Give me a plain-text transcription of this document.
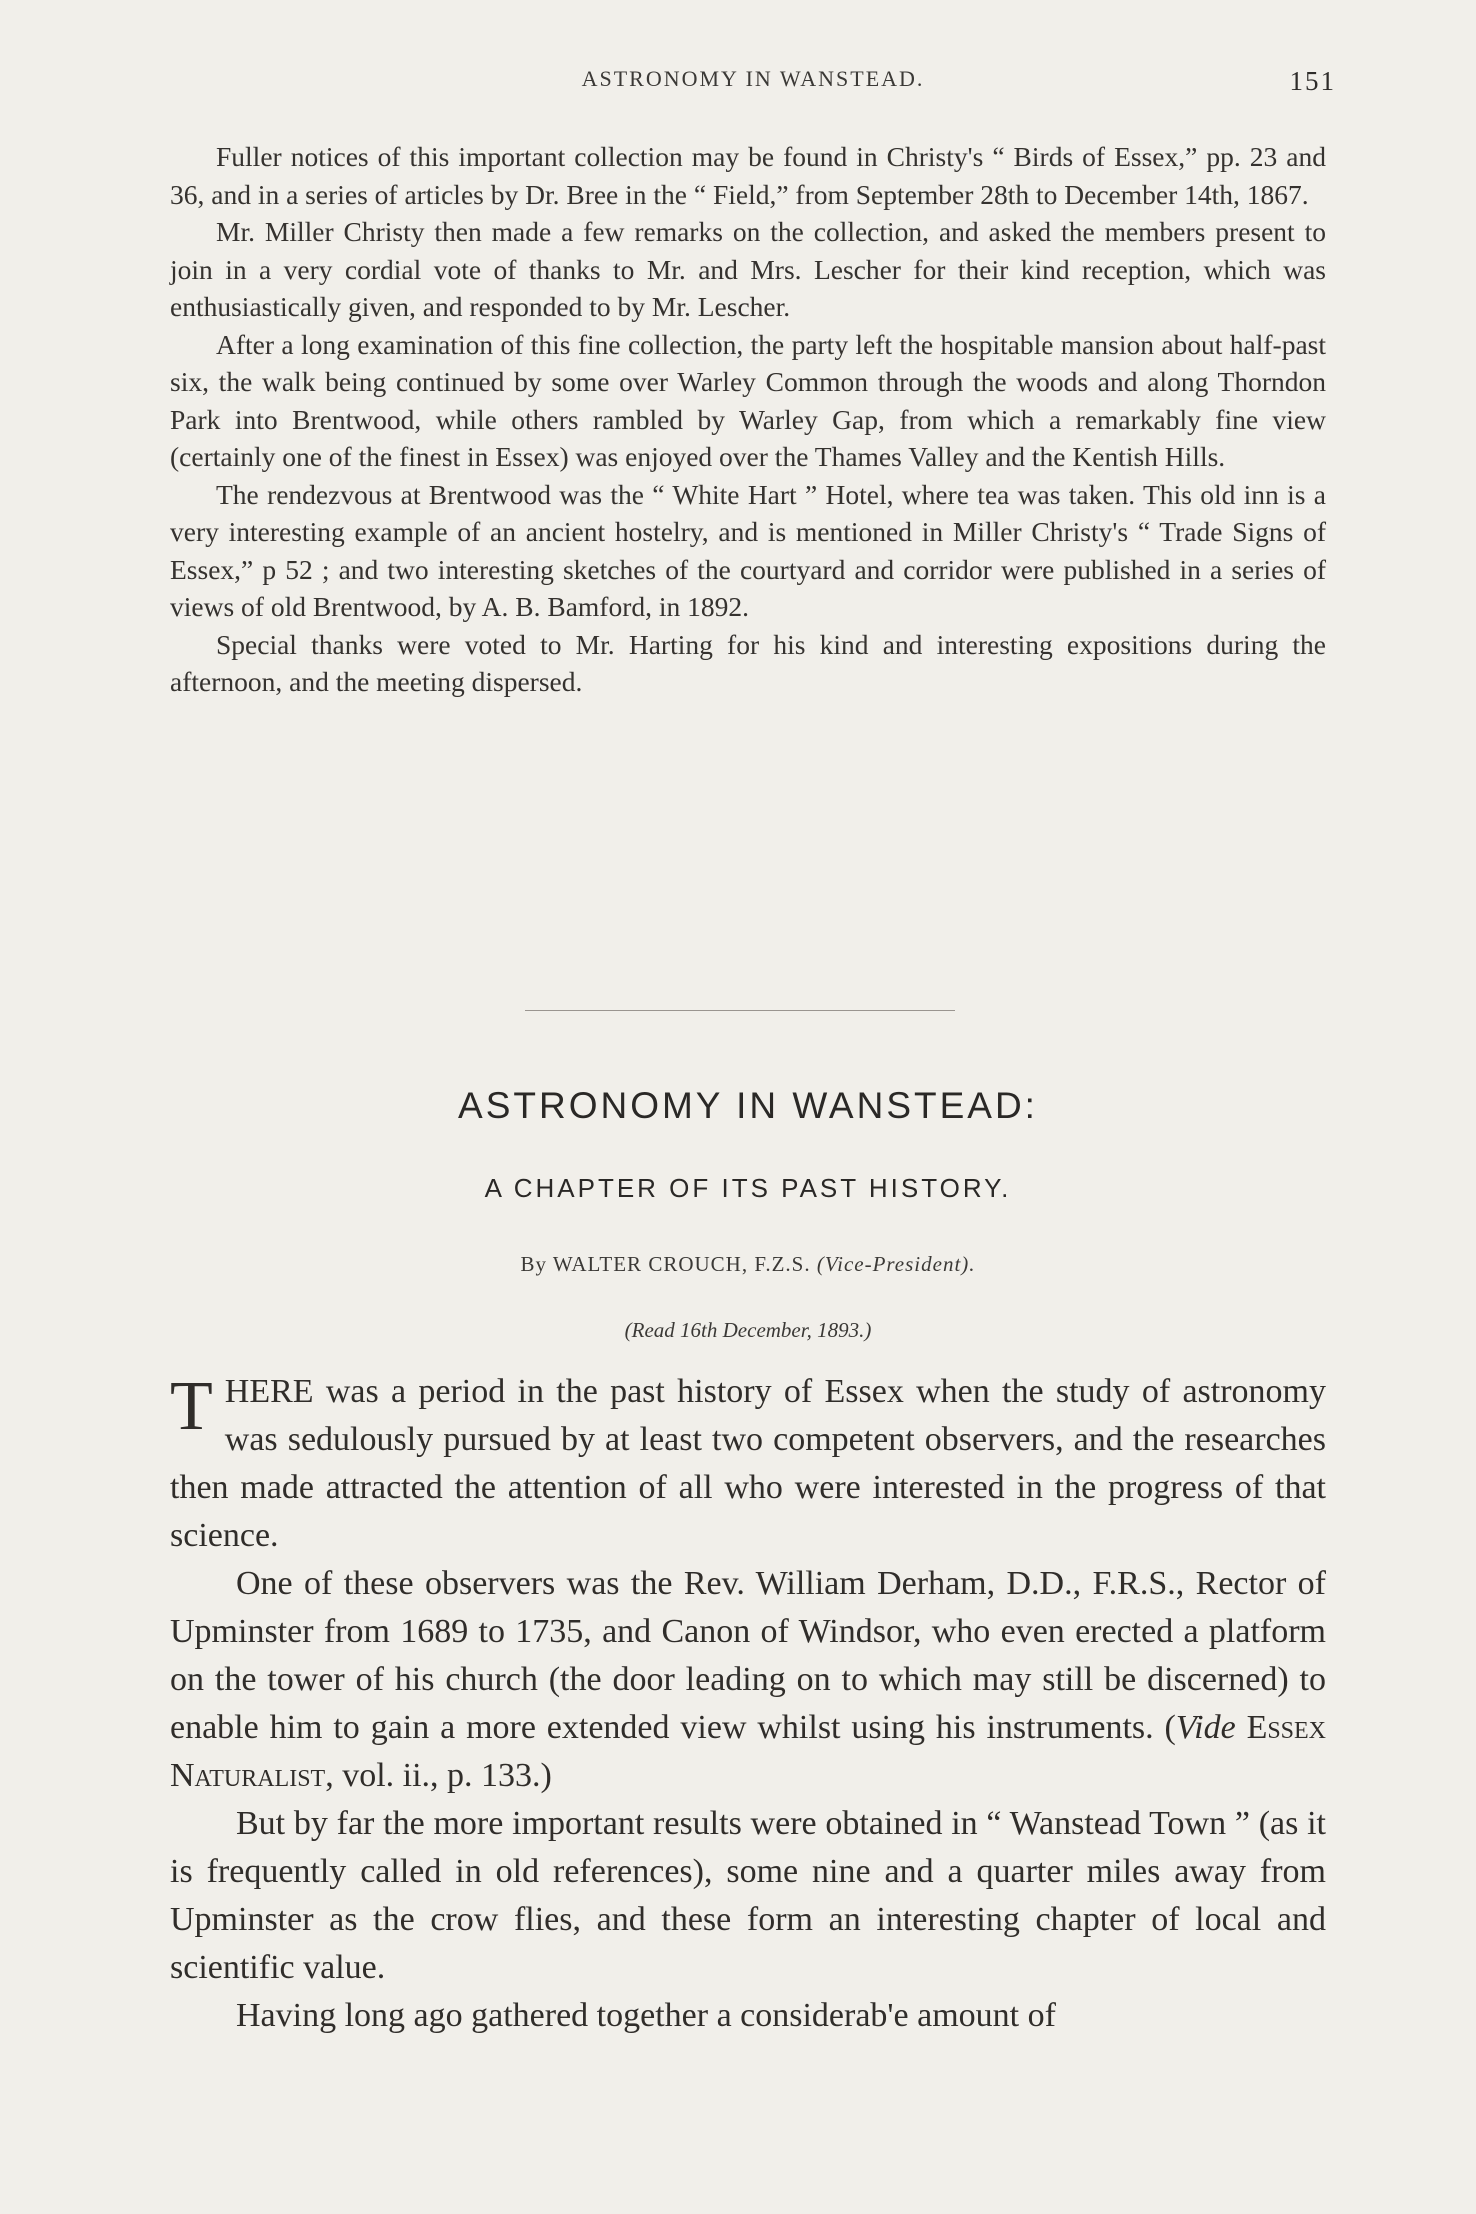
ASTRONOMY IN WANSTEAD.	151

Fuller notices of this important collection may be found in Christy's “ Birds of Essex,” pp. 23 and 36, and in a series of articles by Dr. Bree in the “ Field,” from September 28th to December 14th, 1867.

Mr. Miller Christy then made a few remarks on the collection, and asked the members present to join in a very cordial vote of thanks to Mr. and Mrs. Lescher for their kind reception, which was enthusiastically given, and responded to by Mr. Lescher.

After a long examination of this fine collection, the party left the hospitable mansion about half-past six, the walk being continued by some over Warley Common through the woods and along Thorndon Park into Brentwood, while others rambled by Warley Gap, from which a remarkably fine view (certainly one of the finest in Essex) was enjoyed over the Thames Valley and the Kentish Hills.

The rendezvous at Brentwood was the “ White Hart ” Hotel, where tea was taken. This old inn is a very interesting example of an ancient hostelry, and is mentioned in Miller Christy's “ Trade Signs of Essex,” p 52 ; and two interesting sketches of the courtyard and corridor were published in a series of views of old Brentwood, by A. B. Bamford, in 1892.

Special thanks were voted to Mr. Harting for his kind and interesting expositions during the afternoon, and the meeting dispersed.

ASTRONOMY IN WANSTEAD:
A CHAPTER OF ITS PAST HISTORY.
By WALTER CROUCH, F.Z.S. (Vice-President).
(Read 16th December, 1893.)

THERE was a period in the past history of Essex when the study of astronomy was sedulously pursued by at least two competent observers, and the researches then made attracted the attention of all who were interested in the progress of that science.

One of these observers was the Rev. William Derham, D.D., F.R.S., Rector of Upminster from 1689 to 1735, and Canon of Windsor, who even erected a platform on the tower of his church (the door leading on to which may still be discerned) to enable him to gain a more extended view whilst using his instruments. (Vide Essex Naturalist, vol. ii., p. 133.)

But by far the more important results were obtained in “ Wanstead Town ” (as it is frequently called in old references), some nine and a quarter miles away from Upminster as the crow flies, and these form an interesting chapter of local and scientific value.

Having long ago gathered together a considerab'e amount of
